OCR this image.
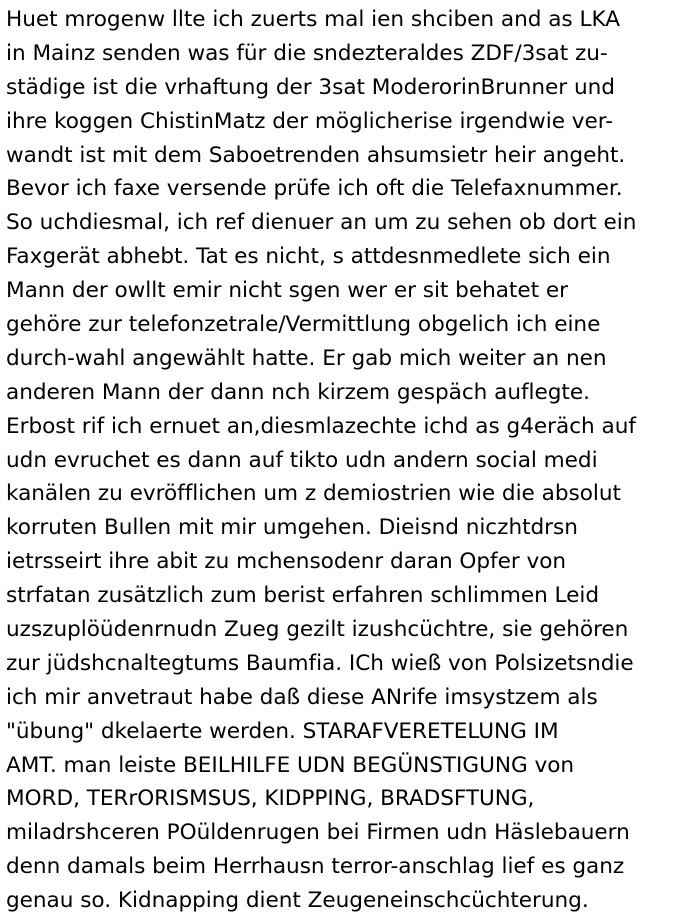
Huet mrogenw llte ich zuerts mal ien shciben and as LKA
in Mainz senden was für die sndezteraldes ZDF/3sat zu-
städige ist die vrhaftung der 3sat ModerorinBrunner und
ihre koggen ChistinMatz der möglicherise irgendwie ver-
wandt ist mit dem Saboetrenden ahsumsietr heir angeht.
Bevor ich faxe versende prüfe ich oft die Telefaxnummer.
So uchdiesmal, ich ref dienuer an um zu sehen ob dort ein
Faxgerät abhebt. Tat es nicht, s attdesnmedlete sich ein
Mann der owllt emir nicht sgen wer er sit behatet er
gehöre zur telefonzetrale/Vermittlung obgelich ich eine
durch-wahl angewählt hatte. Er gab mich weiter an nen
anderen Mann der dann nch kirzem gespäch auflegte.
Erbost rif ich ernuet an,diesmlazechte ichd as g4eräch auf
udn evruchet es dann auf tikto udn andern social medi
kanälen zu evröfflichen um z demiostrien wie die absolut
korruten Bullen mit mir umgehen. Dieisnd niczhtdrsn
ietrsseirt ihre abit zu mchensodenr daran Opfer von
strfatan zusätzlich zum berist erfahren schlimmen Leid
uzszuplöüdenrnudn Zueg gezilt izushcüchtre, sie gehören
zur jüdshcnaltegtums Baumfia. ICh wieß von Polsizetsndie
ich mir anvetraut habe daß diese ANrife imsystzem als
"übung" dkelaerte werden. STARAFVERETELUNG IM
AMT. man leiste BEILHILFE UDN BEGÜNSTIGUNG von
MORD, TERrORISMSUS, KIDPPING, BRADSFTUNG,
miladrshceren POüldenrugen bei Firmen udn Häslebauern
denn damals beim Herrhausn terror-anschlag lief es ganz
genau so. Kidnapping dient Zeugeneinschcüchterung.
